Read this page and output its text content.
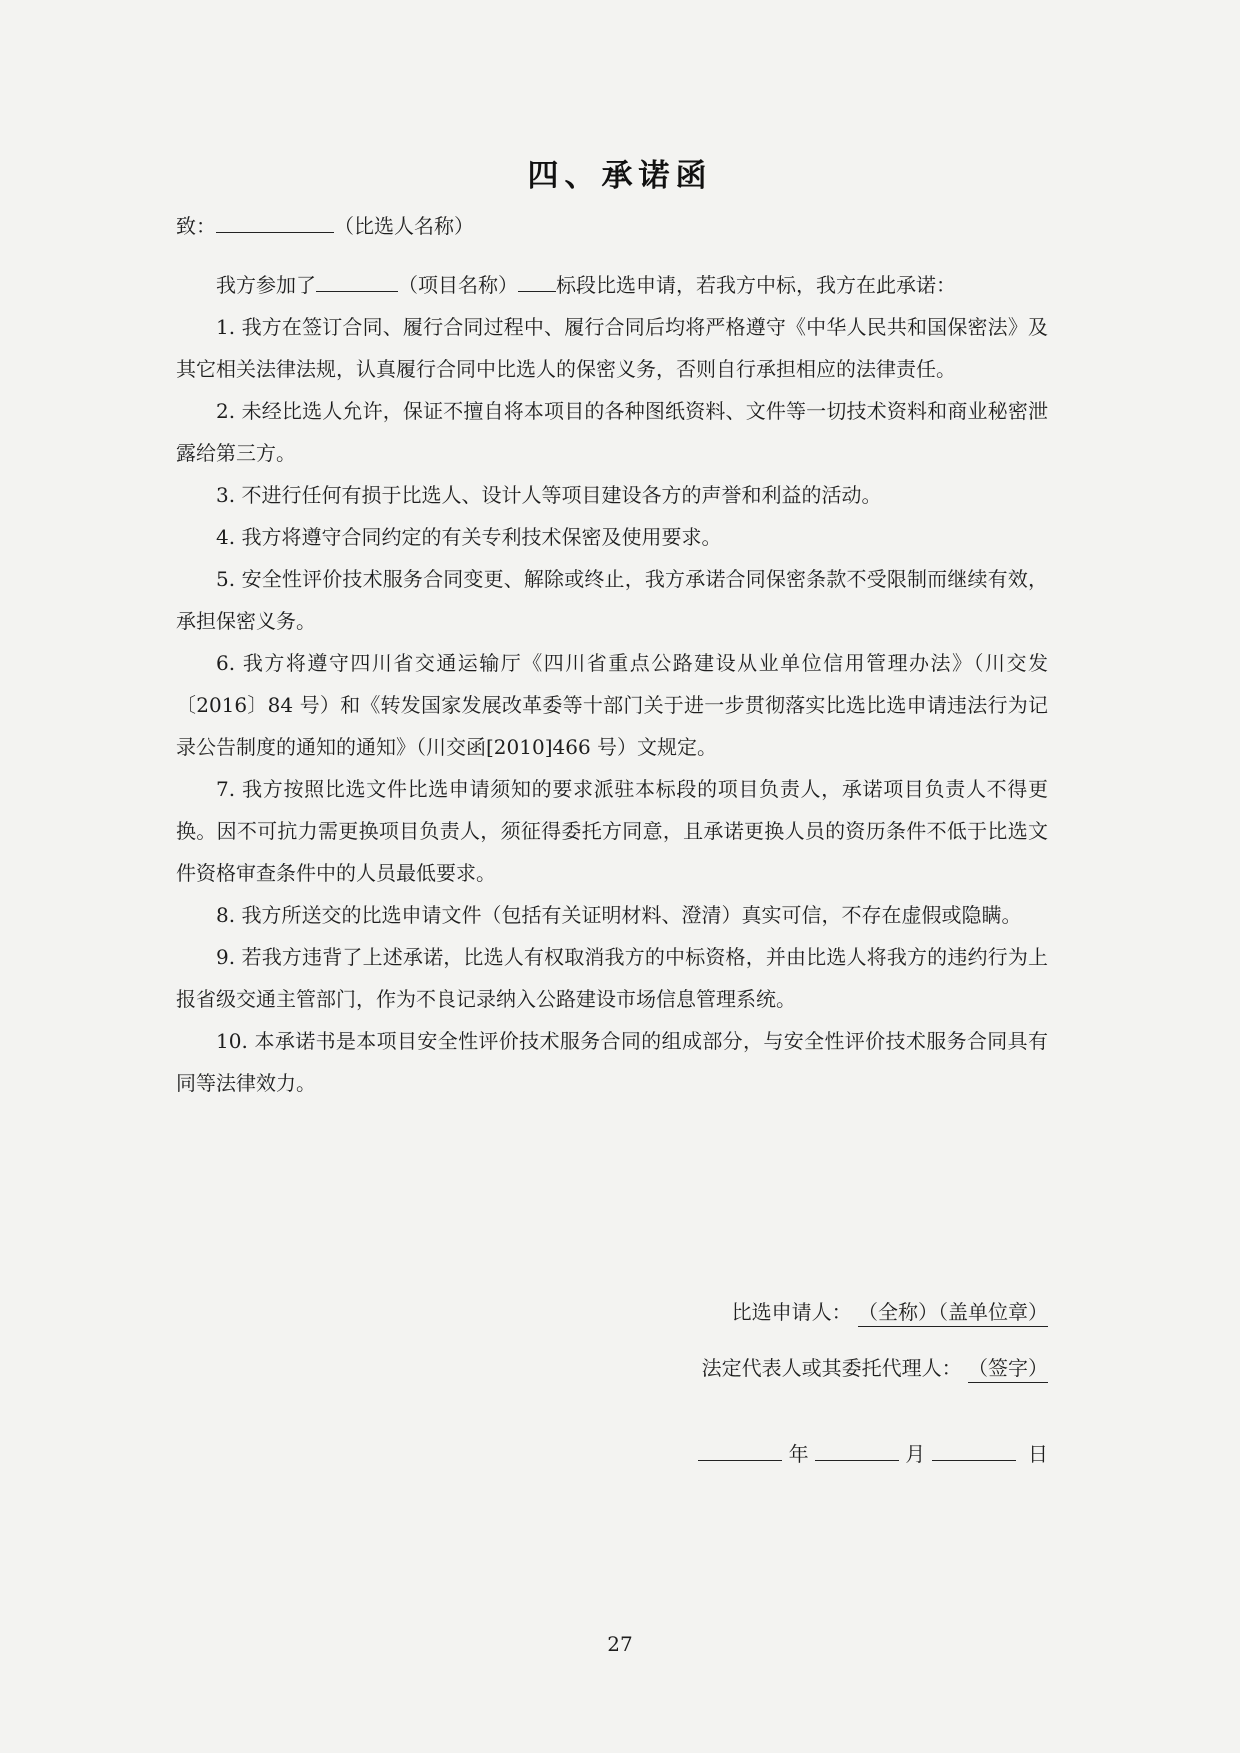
四、承诺函
致：	（比选人名称）
我方参加了	（项目名称） 标段比选申请，若我方中标，我方在此承诺：

1. 我方在签订合同、履行合同过程中、履行合同后均将严格遵守《中华人民共和国保密法》及其它相关法律法规，认真履行合同中比选人的保密义务，否则自行承担相应的法律责任。

2. 未经比选人允许，保证不擅自将本项目的各种图纸资料、文件等一切技术资料和商业秘密泄露给第三方。

3. 不进行任何有损于比选人、设计人等项目建设各方的声誉和利益的活动。

4. 我方将遵守合同约定的有关专利技术保密及使用要求。

5. 安全性评价技术服务合同变更、解除或终止，我方承诺合同保密条款不受限制而继续有效，承担保密义务。

6. 我方将遵守四川省交通运输厅《四川省重点公路建设从业单位信用管理办法》（川交发〔2016〕84 号）和《转发国家发展改革委等十部门关于进一步贯彻落实比选比选申请违法行为记录公告制度的通知的通知》（川交函[2010]466 号）文规定。

7. 我方按照比选文件比选申请须知的要求派驻本标段的项目负责人，承诺项目负责人不得更换。因不可抗力需更换项目负责人，须征得委托方同意，且承诺更换人员的资历条件不低于比选文件资格审查条件中的人员最低要求。

8. 我方所送交的比选申请文件（包括有关证明材料、澄清）真实可信，不存在虚假或隐瞒。

9. 若我方违背了上述承诺，比选人有权取消我方的中标资格，并由比选人将我方的违约行为上报省级交通主管部门，作为不良记录纳入公路建设市场信息管理系统。

10. 本承诺书是本项目安全性评价技术服务合同的组成部分，与安全性评价技术服务合同具有同等法律效力。

比选申请人： （全称）（盖单位章）
法定代表人或其委托代理人： （签字）
年	月	日
27
